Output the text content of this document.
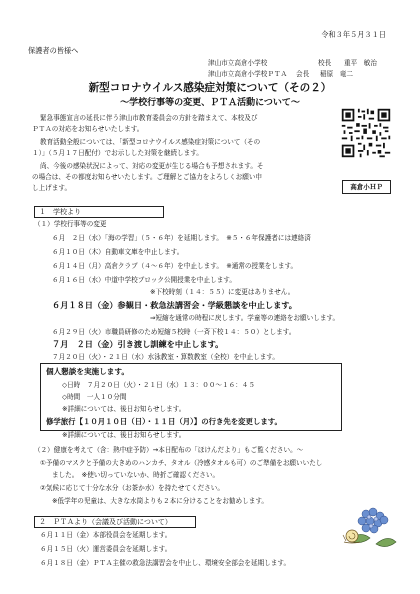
令和３年５月３１日
保護者の皆様へ
津山市立高倉小学校	校長 重平　敏治
津山市立高倉小学校ＰＴＡ 会長 稲原　竜二
新型コロナウイルス感染症対策について（その２）
～学校行事等の変更、ＰＴＡ活動について～
緊急事態宣言の延長に伴う津山市教育委員会の方針を踏まえて、本校及び
ＰＴＡの対応をお知らせいたします。
教育活動全般については、「新型コロナウイルス感染症対策について（その
１）」（５月１７日配付）でお示しした対策を継続します。
尚、今後の感染状況によって、対応の変更が生じる場合も予想されます。そ
の場合は、その都度お知らせいたします。ご理解とご協力をよろしくお願い申
し上げます。	高倉小ＨＰ
１　学校より
（１）学校行事等の変更
６月　２日（水）「海の学習」（５・６年）を延期します。　※５・６年保護者には連絡済
６月１０日（木）自動車文庫を中止します。
６月１４日（月）高倉クラブ（４～６年）を中止します。　※通常の授業をします。
６月１６日（水）中道中学校ブロック公開授業を中止します。
※下校時刻（１４：５５）に変更はありません。
６月１８日（金）参観日・救急法講習会・学級懇談を中止します。
⇒短縮を通常の時程に戻します。学童等の連絡をお願いします。
６月２９日（火）市職員研修のため短縮５校時（一斉下校１４：５０）とします。
７月　２日（金）引き渡し訓練を中止します。
７月２０日（火）・２１日（水）水泳教室・算数教室（全校）を中止します。
個人懇談を実施します。
◇日時　７月２０日（火）・２１日（水）１３：００～１６：４５
◇時間　一人１０分間
※詳細については、後日お知らせします。
修学旅行【１０月１０日（日）・１１日（月）】の行き先を変更します。
※詳細については、後日お知らせします。
（２）健康を考えて（含：熱中症予防）→本日配布の「ほけんだより」もご覧ください。～
①予備のマスクと予備の大きめのハンカチ、タオル（冷感タオルも可）のご準備をお願いいたし
ました。　※使い切っていないか、時折ご確認ください。
②気候に応じて十分な水分（お茶か水）を持たせてください。
※低学年の児童は、大きな水筒よりも２本に分けることをお勧めします。
２　ＰＴＡより（会議及び活動について）
６月１１日（金）本部役員会を延期します。
６月１５日（火）運営委員会を延期します。
６月１８日（金）ＰＴＡ主催の救急法講習会を中止し、環境安全部会を延期します。
